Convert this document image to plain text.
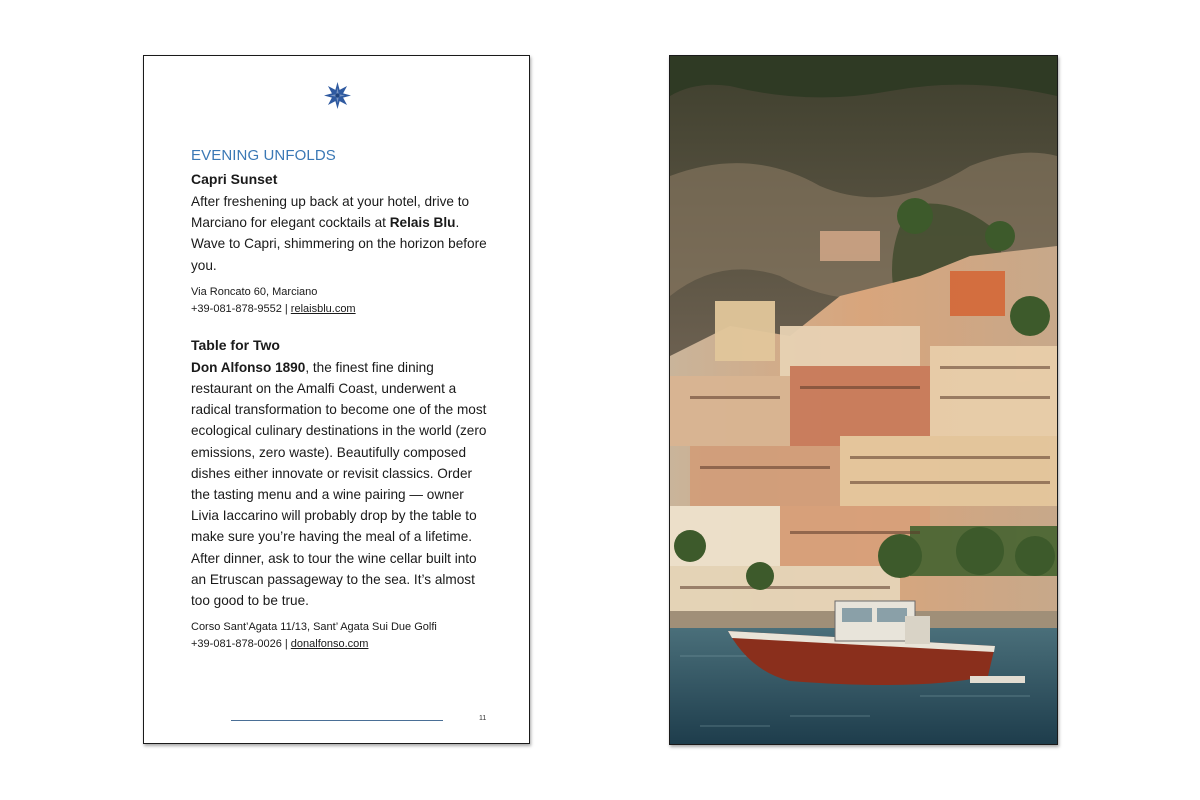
EVENING UNFOLDS

Capri Sunset

After freshening up back at your hotel, drive to Marciano for elegant cocktails at Relais Blu. Wave to Capri, shimmering on the horizon before you.

Via Roncato 60, Marciano
+39-081-878-9552 | relaisblu.com

Table for Two

Don Alfonso 1890, the finest fine dining restaurant on the Amalfi Coast, underwent a radical transformation to become one of the most ecological culinary destinations in the world (zero emissions, zero waste). Beautifully composed dishes either innovate or revisit classics. Order the tasting menu and a wine pairing — owner Livia Iaccarino will probably drop by the table to make sure you’re having the meal of a lifetime. After dinner, ask to tour the wine cellar built into an Etruscan passageway to the sea. It’s almost too good to be true.

Corso Sant’Agata 11/13, Sant’ Agata Sui Due Golfi
+39-081-878-0026 | donalfonso.com

11
